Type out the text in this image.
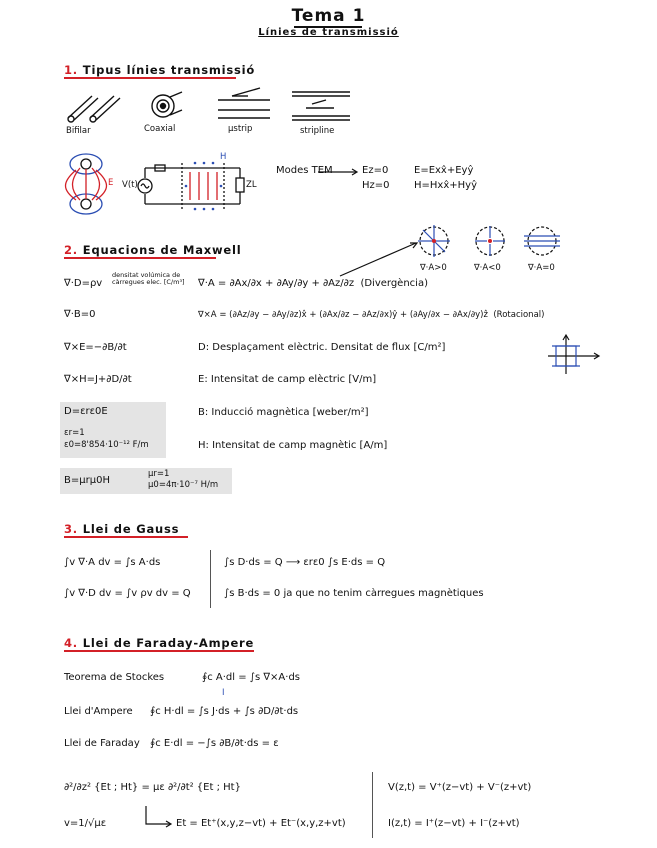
Tema 1
Línies de transmissió
1. Tipus línies transmissió
Bifilar	Coaxial	µstrip	stripline
V(t)	ZL
E
H
Modes TEM	Ez=0
Hz=0
E=Exx̂+Eyŷ
H=Hxx̂+Hyŷ
2. Equacions de Maxwell
∇·A>0	∇·A<0	∇·A=0
∇·D=ρv
densitat volúmica de càrregues elec. [C/m³]
∇·B=0
∇×E=−∂B/∂t
∇×H=J+∂D/∂t
∇·A = ∂Ax/∂x + ∂Ay/∂y + ∂Az/∂z (Divergència)
∇×A = (∂Az/∂y − ∂Ay/∂z)x̂ + (∂Ax/∂z − ∂Az/∂x)ŷ + (∂Ay/∂x − ∂Ax/∂y)ẑ (Rotacional)
D: Desplaçament elèctric. Densitat de flux [C/m²]
E: Intensitat de camp elèctric [V/m]
B: Inducció magnètica [weber/m²]
H: Intensitat de camp magnètic [A/m]
D=εrε0E
εr=1
ε0=8'854·10⁻¹² F/m
B=µrµ0H
µr=1
µ0=4π·10⁻⁷ H/m
3. Llei de Gauss
∫v ∇·A dv = ∫s A·ds
∫v ∇·D dv = ∫v ρv dv = Q
∫s D·ds = Q ⟶ εrε0 ∫s E·ds = Q
∫s B·ds = 0 ja que no tenim càrregues magnètiques
4. Llei de Faraday-Ampere
Teorema de Stockes	∮c A·dl = ∫s ∇×A·ds
I
Llei d'Ampere ∮c H·dl = ∫s J·ds + ∫s ∂D/∂t·ds
Llei de Faraday ∮c E·dl = −∫s ∂B/∂t·ds = ε
∂²/∂z² {Et ; Ht} = µε ∂²/∂t² {Et ; Ht}
v=1/√µε	Et = Et⁺(x,y,z−vt) + Et⁻(x,y,z+vt)
V(z,t) = V⁺(z−vt) + V⁻(z+vt)
I(z,t) = I⁺(z−vt) + I⁻(z+vt)
